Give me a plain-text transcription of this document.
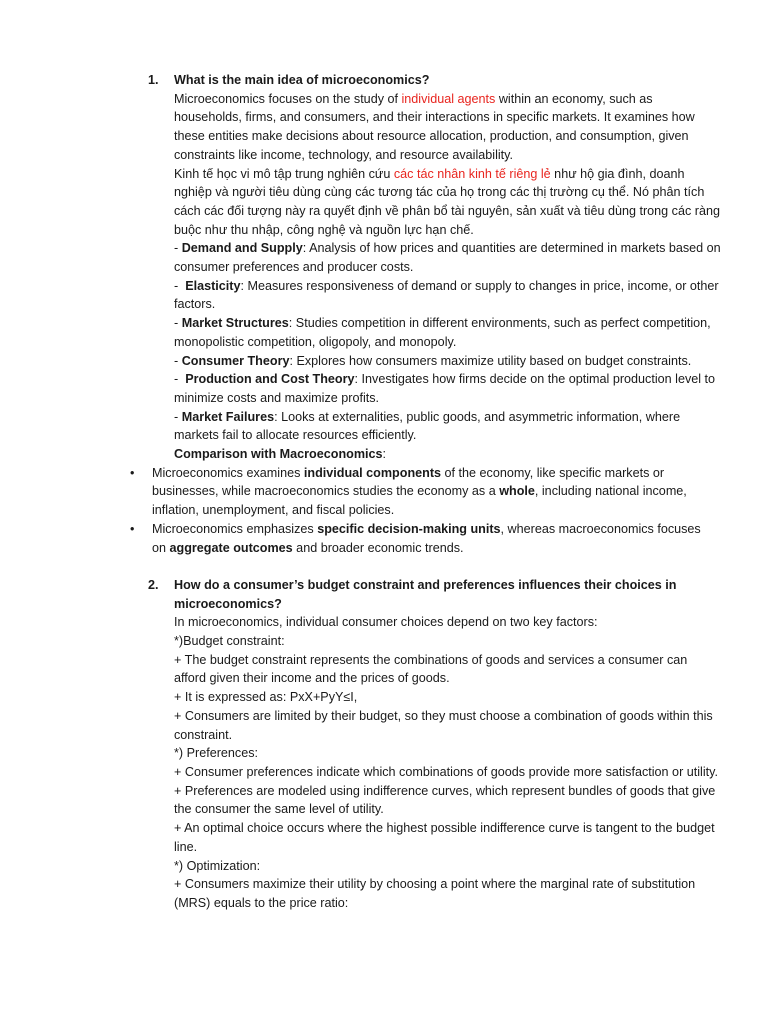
1. What is the main idea of microeconomics?
Microeconomics focuses on the study of individual agents within an economy, such as households, firms, and consumers, and their interactions in specific markets. It examines how these entities make decisions about resource allocation, production, and consumption, given constraints like income, technology, and resource availability.
Kinh tế học vi mô tập trung nghiên cứu các tác nhân kinh tế riêng lẻ như hộ gia đình, doanh nghiệp và người tiêu dùng cùng các tương tác của họ trong các thị trường cụ thể. Nó phân tích cách các đối tượng này ra quyết định về phân bổ tài nguyên, sản xuất và tiêu dùng trong các ràng buộc như thu nhập, công nghệ và nguồn lực hạn chế.
- Demand and Supply: Analysis of how prices and quantities are determined in markets based on consumer preferences and producer costs.
-  Elasticity: Measures responsiveness of demand or supply to changes in price, income, or other factors.
- Market Structures: Studies competition in different environments, such as perfect competition, monopolistic competition, oligopoly, and monopoly.
- Consumer Theory: Explores how consumers maximize utility based on budget constraints.
-  Production and Cost Theory: Investigates how firms decide on the optimal production level to minimize costs and maximize profits.
- Market Failures: Looks at externalities, public goods, and asymmetric information, where markets fail to allocate resources efficiently.
Comparison with Macroeconomics:
• Microeconomics examines individual components of the economy, like specific markets or businesses, while macroeconomics studies the economy as a whole, including national income, inflation, unemployment, and fiscal policies.
• Microeconomics emphasizes specific decision-making units, whereas macroeconomics focuses on aggregate outcomes and broader economic trends.
2. How do a consumer’s budget constraint and preferences influences their choices in microeconomics?
In microeconomics, individual consumer choices depend on two key factors:
*)Budget constraint:
+ The budget constraint represents the combinations of goods and services a consumer can afford given their income and the prices of goods.
+ It is expressed as: PxX+PyY≤I,
+ Consumers are limited by their budget, so they must choose a combination of goods within this constraint.
*) Preferences:
+ Consumer preferences indicate which combinations of goods provide more satisfaction or utility.
+ Preferences are modeled using indifference curves, which represent bundles of goods that give the consumer the same level of utility.
+ An optimal choice occurs where the highest possible indifference curve is tangent to the budget line.
*) Optimization:
+ Consumers maximize their utility by choosing a point where the marginal rate of substitution (MRS) equals to the price ratio:
